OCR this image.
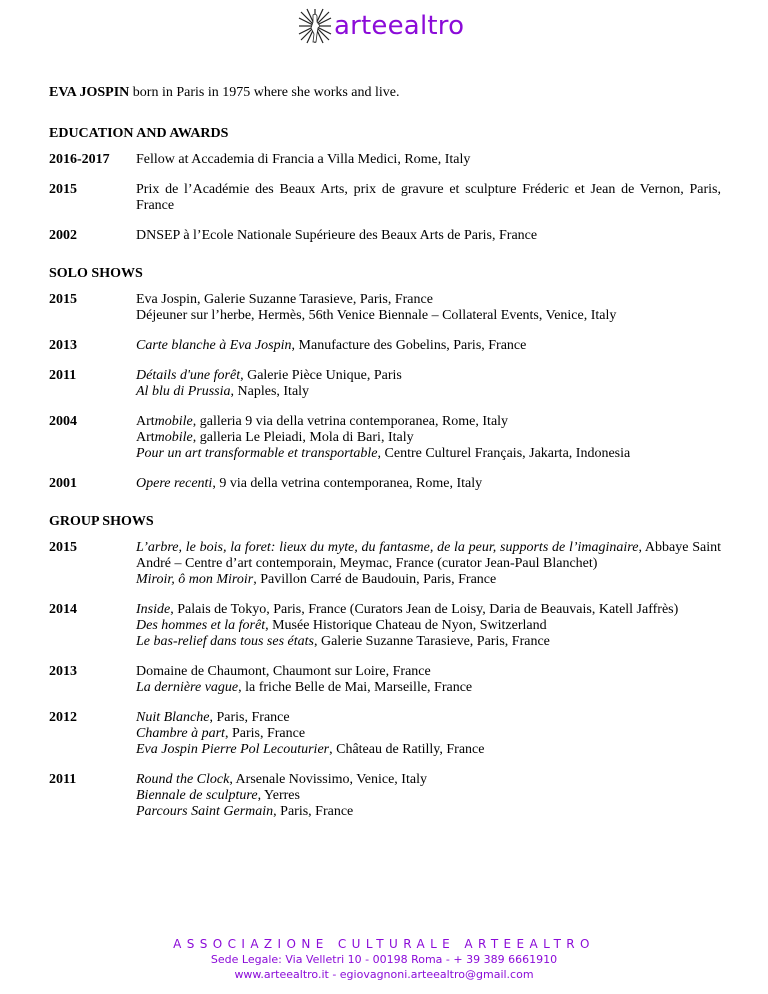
arteealtro

EVA JOSPIN born in Paris in 1975 where she works and live.

EDUCATION AND AWARDS
2016-2017	Fellow at Accademia di Francia a Villa Medici, Rome, Italy
2015	Prix de l’Académie des Beaux Arts, prix de gravure et sculpture Fréderic et Jean de Vernon, Paris, France
2002	DNSEP à l’Ecole Nationale Supérieure des Beaux Arts de Paris, France
SOLO SHOWS
2015	Eva Jospin, Galerie Suzanne Tarasieve, Paris, France
Déjeuner sur l’herbe, Hermès, 56th Venice Biennale – Collateral Events, Venice, Italy
2013	Carte blanche à Eva Jospin, Manufacture des Gobelins, Paris, France
2011	Détails d'une forêt, Galerie Pièce Unique, Paris
Al blu di Prussia, Naples, Italy
2004	Artmobile, galleria 9 via della vetrina contemporanea, Rome, Italy
Artmobile, galleria Le Pleiadi, Mola di Bari, Italy
Pour un art transformable et transportable, Centre Culturel Français, Jakarta, Indonesia
2001	Opere recenti, 9 via della vetrina contemporanea, Rome, Italy
GROUP SHOWS
2015	L’arbre, le bois, la foret: lieux du myte, du fantasme, de la peur, supports de l’imaginaire, Abbaye Saint André – Centre d’art contemporain, Meymac, France (curator Jean-Paul Blanchet)
Miroir, ô mon Miroir, Pavillon Carré de Baudouin, Paris, France
2014	Inside, Palais de Tokyo, Paris, France (Curators Jean de Loisy, Daria de Beauvais, Katell Jaffrès)
Des hommes et la forêt, Musée Historique Chateau de Nyon, Switzerland
Le bas-relief dans tous ses états, Galerie Suzanne Tarasieve, Paris, France
2013	Domaine de Chaumont, Chaumont sur Loire, France
La dernière vague, la friche Belle de Mai, Marseille, France
2012	Nuit Blanche, Paris, France
Chambre à part, Paris, France
Eva Jospin Pierre Pol Lecouturier, Château de Ratilly, France
2011	Round the Clock, Arsenale Novissimo, Venice, Italy
Biennale de sculpture, Yerres
Parcours Saint Germain, Paris, France
ASSOCIAZIONE CULTURALE ARTEEALTRO
Sede Legale: Via Velletri 10 - 00198 Roma - + 39 389 6661910
www.arteealtro.it - egiovagnoni.arteealtro@gmail.com
